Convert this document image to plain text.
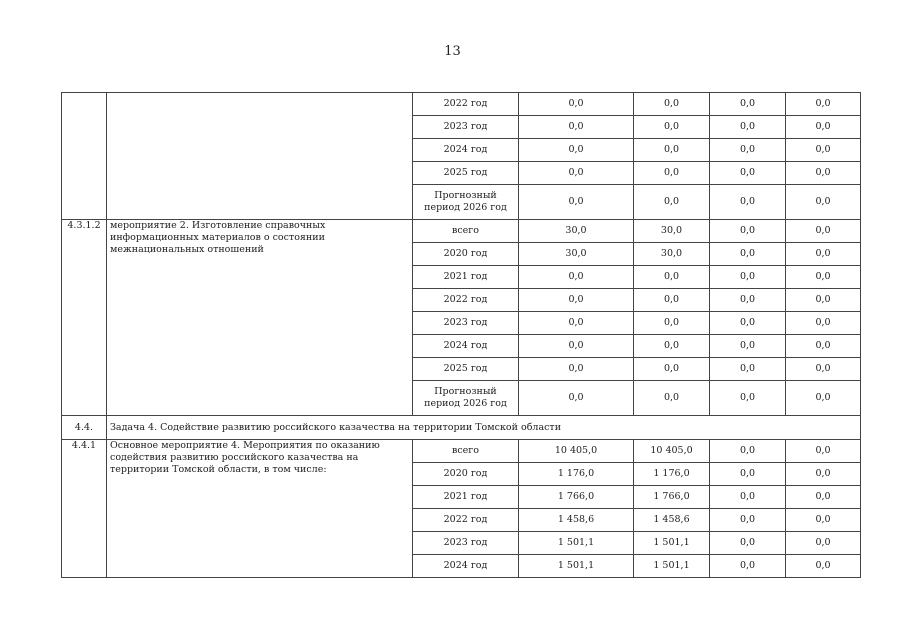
13
		2022 год	0,0	0,0	0,0	0,0
		2023 год	0,0	0,0	0,0	0,0
		2024 год	0,0	0,0	0,0	0,0
		2025 год	0,0	0,0	0,0	0,0
		Прогнозный период 2026 год	0,0	0,0	0,0	0,0
4.3.1.2	мероприятие 2. Изготовление справочных информационных материалов о состоянии межнациональных отношений	всего	30,0	30,0	0,0	0,0
		2020 год	30,0	30,0	0,0	0,0
		2021 год	0,0	0,0	0,0	0,0
		2022 год	0,0	0,0	0,0	0,0
		2023 год	0,0	0,0	0,0	0,0
		2024 год	0,0	0,0	0,0	0,0
		2025 год	0,0	0,0	0,0	0,0
		Прогнозный период 2026 год	0,0	0,0	0,0	0,0
4.4.	Задача 4. Содействие развитию российского казачества на территории Томской области					
4.4.1	Основное мероприятие 4. Мероприятия по оказанию содействия развитию российского казачества на территории Томской области, в том числе:	всего	10 405,0	10 405,0	0,0	0,0
		2020 год	1 176,0	1 176,0	0,0	0,0
		2021 год	1 766,0	1 766,0	0,0	0,0
		2022 год	1 458,6	1 458,6	0,0	0,0
		2023 год	1 501,1	1 501,1	0,0	0,0
		2024 год	1 501,1	1 501,1	0,0	0,0
